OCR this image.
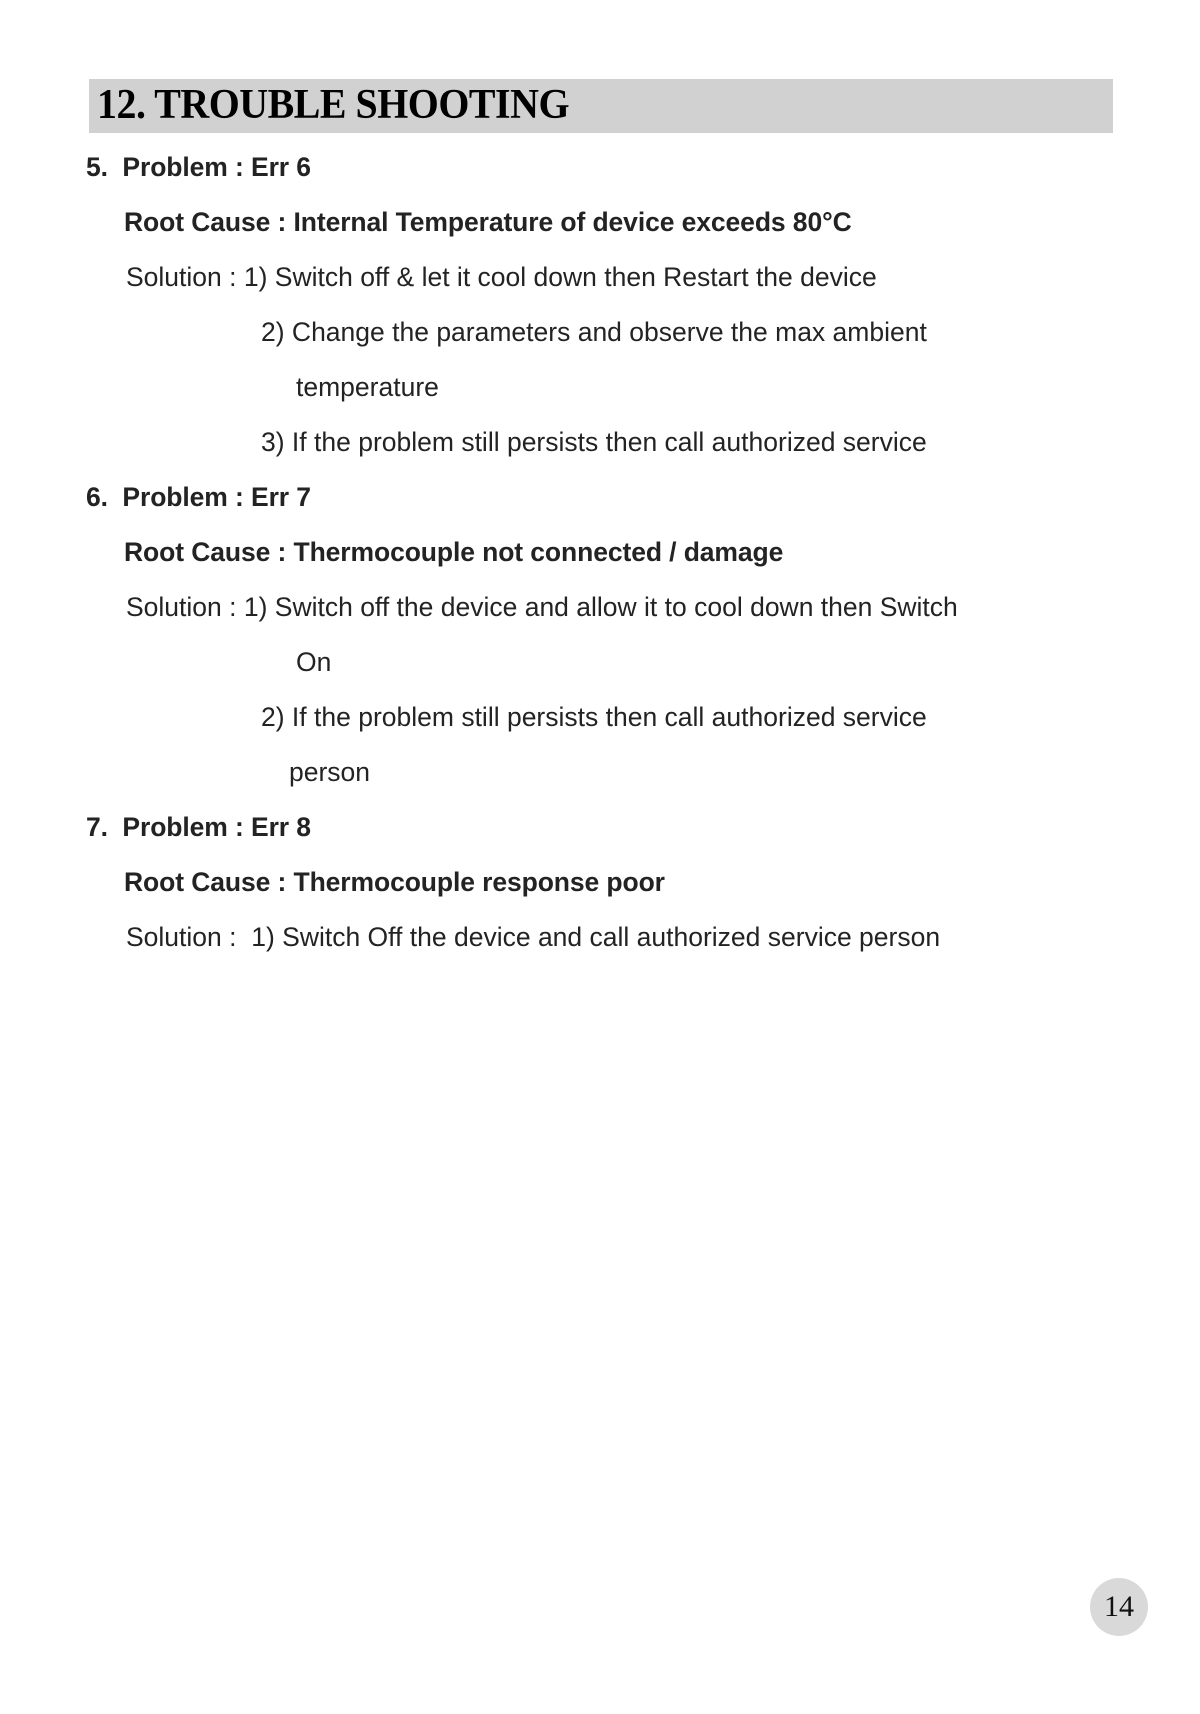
12. TROUBLE SHOOTING
5.  Problem : Err 6
Root Cause : Internal Temperature of device exceeds 80°C
Solution : 1) Switch off & let it cool down then Restart the device
2) Change the parameters and observe the max ambient
temperature
3) If the problem still persists then call authorized service
6.  Problem : Err 7
Root Cause : Thermocouple not connected / damage
Solution : 1) Switch off the device and allow it to cool down then Switch
On
2) If the problem still persists then call authorized service
person
7.  Problem : Err 8
Root Cause : Thermocouple response poor
Solution :  1) Switch Off the device and call authorized service person
14
